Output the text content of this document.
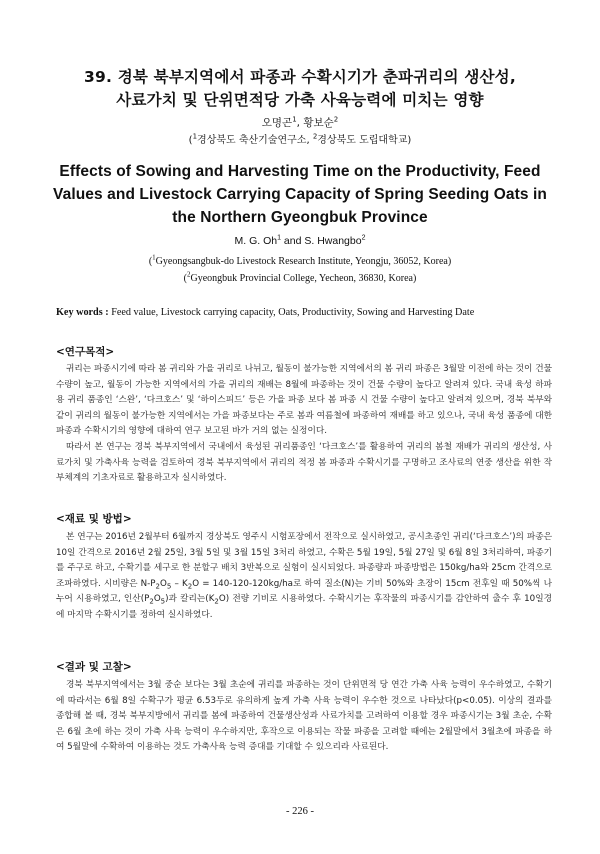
39. 경북 북부지역에서 파종과 수확시기가 춘파귀리의 생산성,
사료가치 및 단위면적당 가축 사육능력에 미치는 영향
오명곤$^1$, 황보순$^2$
($^1$경상북도 축산기술연구소, $^2$경상북도 도립대학교)
Effects of Sowing and Harvesting Time on the Productivity, Feed
Values and Livestock Carrying Capacity of Spring Seeding Oats in
the Northern Gyeongbuk Province
M. G. Oh$^1$ and S. Hwangbo$^2$
($^1$Gyeongsangbuk-do Livestock Research Institute, Yeongju, 36052, Korea)
($^2$Gyeongbuk Provincial College, Yecheon, 36830, Korea)
Key words : Feed value, Livestock carrying capacity, Oats, Productivity, Sowing and Harvesting Date
<연구목적>

귀리는 파종시기에 따라 봄 귀리와 가을 귀리로 나뉘고, 월동이 불가능한 지역에서의 봄 귀리 파종은 3월말 이전에 하는 것이 건물수량이 높고, 월동이 가능한 지역에서의 가을 귀리의 재배는 8월에 파종하는 것이 건물 수량이 높다고 알려져 있다. 국내 육성 하파용 귀리 품종인 ‘스완’, ‘다크호스’ 및 ‘하이스피드’ 등은 가을 파종 보다 봄 파종 시 건물 수량이 높다고 알려져 있으며, 경북 북부와 같이 귀리의 월동이 불가능한 지역에서는 가을 파종보다는 주로 봄과 여름철에 파종하여 재배를 하고 있으나, 국내 육성 품종에 대한 파종과 수확시기의 영향에 대하여 연구 보고된 바가 거의 없는 실정이다.

따라서 본 연구는 경북 북부지역에서 국내에서 육성된 귀리품종인 ‘다크호스’를 활용하여 귀리의 봄철 재배가 귀리의 생산성, 사료가치 및 가축사육 능력을 검토하여 경북 북부지역에서 귀리의 적정 봄 파종과 수확시기를 구명하고 조사료의 연중 생산을 위한 작부체계의 기초자료로 활용하고자 실시하였다.

<재료 및 방법>

본 연구는 2016년 2월부터 6월까지 경상북도 영주시 시험포장에서 전작으로 실시하였고, 공시초종인 귀리(‘다크호스’)의 파종은 10일 간격으로 2016년 2월 25일, 3월 5일 및 3월 15일 3처리 하였고, 수확은 5월 19일, 5월 27일 및 6월 8일 3처리하여, 파종기를 주구로 하고, 수확기를 세구로 한 분할구 배치 3반복으로 실험이 실시되었다. 파종량과 파종방법은 150kg/ha와 25cm 간격으로 조파하였다. 시비량은 $N-P_2O_5 - K_2O = 140-120-120kg/ha$로 하여 질소(N)는 기비 50%와 초장이 15cm 전후일 때 50%씩 나누어 시용하였고, 인산$(P_2O_5)$과 칼리는$(K_2O)$ 전량 기비로 시용하였다. 수확시기는 후작물의 파종시기를 감안하여 출수 후 10일경에 마지막 수확시기를 정하여 실시하였다.

<결과 및 고찰>

경북 북부지역에서는 3월 중순 보다는 3월 초순에 귀리를 파종하는 것이 단위면적 당 연간 가축 사육 능력이 우수하였고, 수확기에 따라서는 6월 8일 수확구가 평균 6.53두로 유의하게 높게 가축 사육 능력이 우수한 것으로 나타났다(p<0.05). 이상의 결과를 종합해 볼 때, 경북 북부지방에서 귀리를 봄에 파종하여 건물생산성과 사료가치를 고려하여 이용할 경우 파종시기는 3월 초순, 수확은 6월 초에 하는 것이 가축 사육 능력이 우수하지만, 후작으로 이용되는 작물 파종을 고려할 때에는 2월말에서 3월초에 파종을 하여 5월말에 수확하여 이용하는 것도 가축사육 능력 증대를 기대할 수 있으리라 사료된다.

- 226 -
